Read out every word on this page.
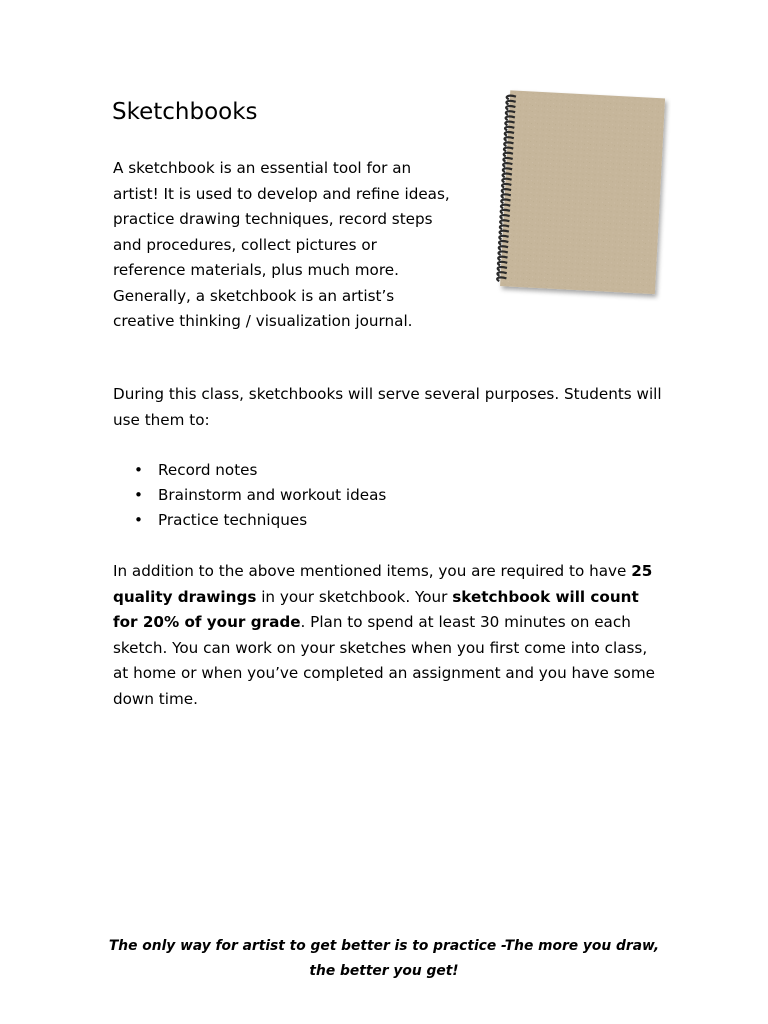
Sketchbooks

A sketchbook is an essential tool for an artist! It is used to develop and refine ideas, practice drawing techniques, record steps and procedures, collect pictures or reference materials, plus much more. Generally, a sketchbook is an artist’s creative thinking / visualization journal.

During this class, sketchbooks will serve several purposes. Students will use them to:

• Record notes
• Brainstorm and workout ideas
• Practice techniques

In addition to the above mentioned items, you are required to have 25 quality drawings in your sketchbook. Your sketchbook will count for 20% of your grade. Plan to spend at least 30 minutes on each sketch. You can work on your sketches when you first come into class, at home or when you’ve completed an assignment and you have some down time.

The only way for artist to get better is to practice -The more you draw, the better you get!
